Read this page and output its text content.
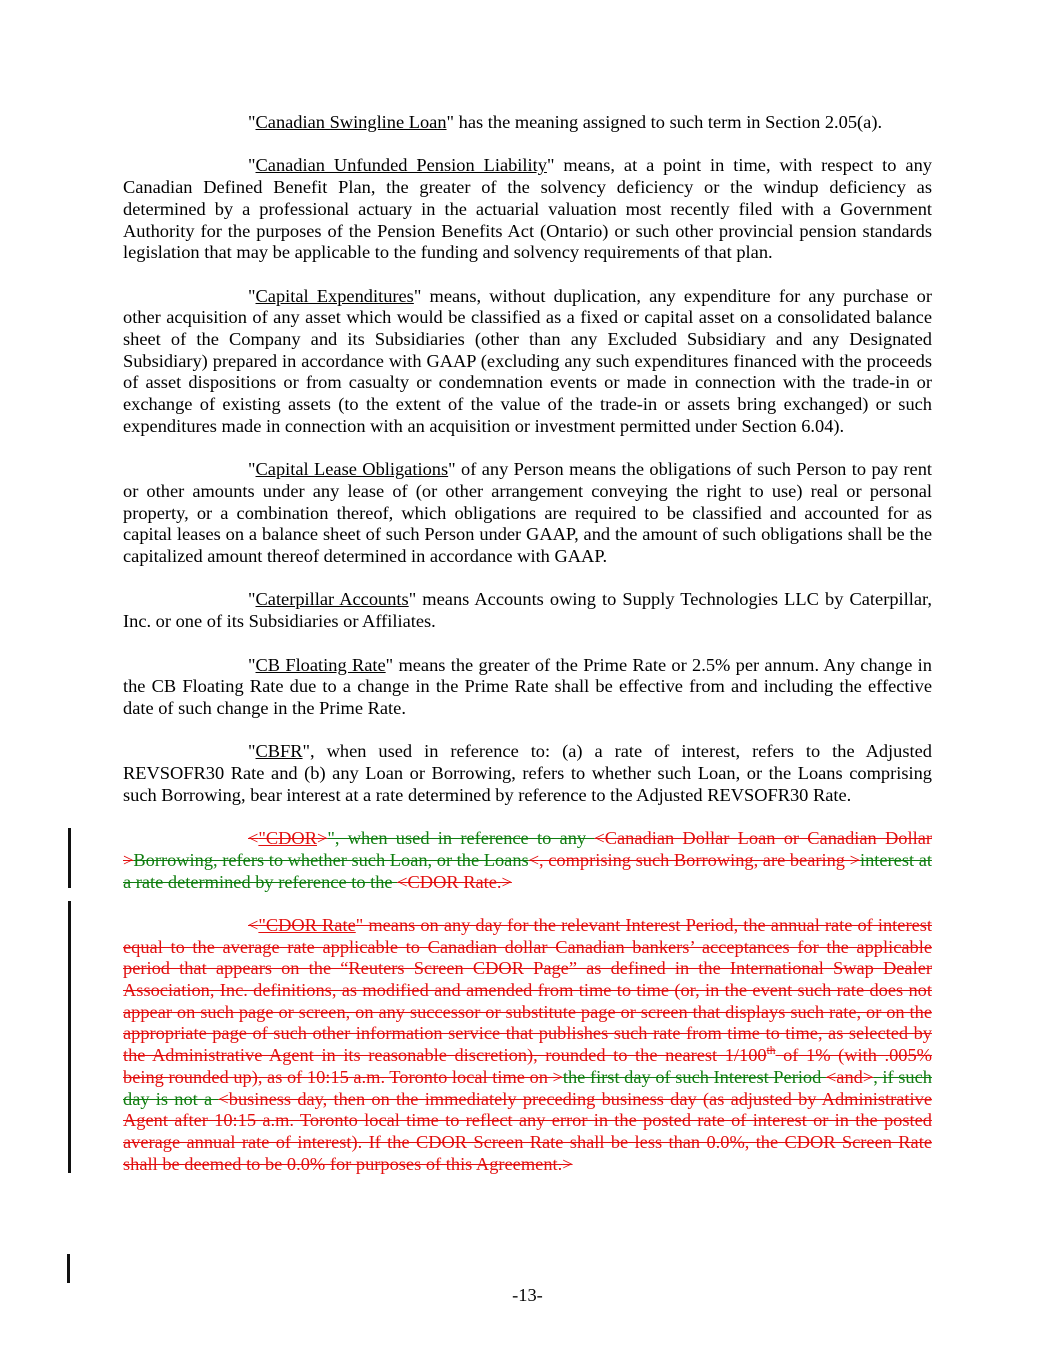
"Canadian Swingline Loan" has the meaning assigned to such term in Section 2.05(a).

"Canadian Unfunded Pension Liability" means, at a point in time, with respect to any Canadian Defined Benefit Plan, the greater of the solvency deficiency or the windup deficiency as determined by a professional actuary in the actuarial valuation most recently filed with a Government Authority for the purposes of the Pension Benefits Act (Ontario) or such other provincial pension standards legislation that may be applicable to the funding and solvency requirements of that plan.

"Capital Expenditures" means, without duplication, any expenditure for any purchase or other acquisition of any asset which would be classified as a fixed or capital asset on a consolidated balance sheet of the Company and its Subsidiaries (other than any Excluded Subsidiary and any Designated Subsidiary) prepared in accordance with GAAP (excluding any such expenditures financed with the proceeds of asset dispositions or from casualty or condemnation events or made in connection with the trade-in or exchange of existing assets (to the extent of the value of the trade-in or assets bring exchanged) or such expenditures made in connection with an acquisition or investment permitted under Section 6.04).

"Capital Lease Obligations" of any Person means the obligations of such Person to pay rent or other amounts under any lease of (or other arrangement conveying the right to use) real or personal property, or a combination thereof, which obligations are required to be classified and accounted for as capital leases on a balance sheet of such Person under GAAP, and the amount of such obligations shall be the capitalized amount thereof determined in accordance with GAAP.

"Caterpillar Accounts" means Accounts owing to Supply Technologies LLC by Caterpillar, Inc. or one of its Subsidiaries or Affiliates.

"CB Floating Rate" means the greater of the Prime Rate or 2.5% per annum. Any change in the CB Floating Rate due to a change in the Prime Rate shall be effective from and including the effective date of such change in the Prime Rate.

"CBFR", when used in reference to: (a) a rate of interest, refers to the Adjusted REVSOFR30 Rate and (b) any Loan or Borrowing, refers to whether such Loan, or the Loans comprising such Borrowing, bear interest at a rate determined by reference to the Adjusted REVSOFR30 Rate.

<"CDOR>", when used in reference to any <Canadian Dollar Loan or Canadian Dollar >Borrowing, refers to whether such Loan, or the Loans<, comprising such Borrowing, are bearing >interest at a rate determined by reference to the <CDOR Rate.>

<"CDOR Rate" means on any day for the relevant Interest Period, the annual rate of interest equal to the average rate applicable to Canadian dollar Canadian bankers’ acceptances for the applicable period that appears on the “Reuters Screen CDOR Page” as defined in the International Swap Dealer Association, Inc. definitions, as modified and amended from time to time (or, in the event such rate does not appear on such page or screen, on any successor or substitute page or screen that displays such rate, or on the appropriate page of such other information service that publishes such rate from time to time, as selected by the Administrative Agent in its reasonable discretion), rounded to the nearest 1/100th of 1% (with .005% being rounded up), as of 10:15 a.m. Toronto local time on >the first day of such Interest Period <and>, if such day is not a <business day, then on the immediately preceding business day (as adjusted by Administrative Agent after 10:15 a.m. Toronto local time to reflect any error in the posted rate of interest or in the posted average annual rate of interest). If the CDOR Screen Rate shall be less than 0.0%, the CDOR Screen Rate shall be deemed to be 0.0% for purposes of this Agreement.>

-13-
